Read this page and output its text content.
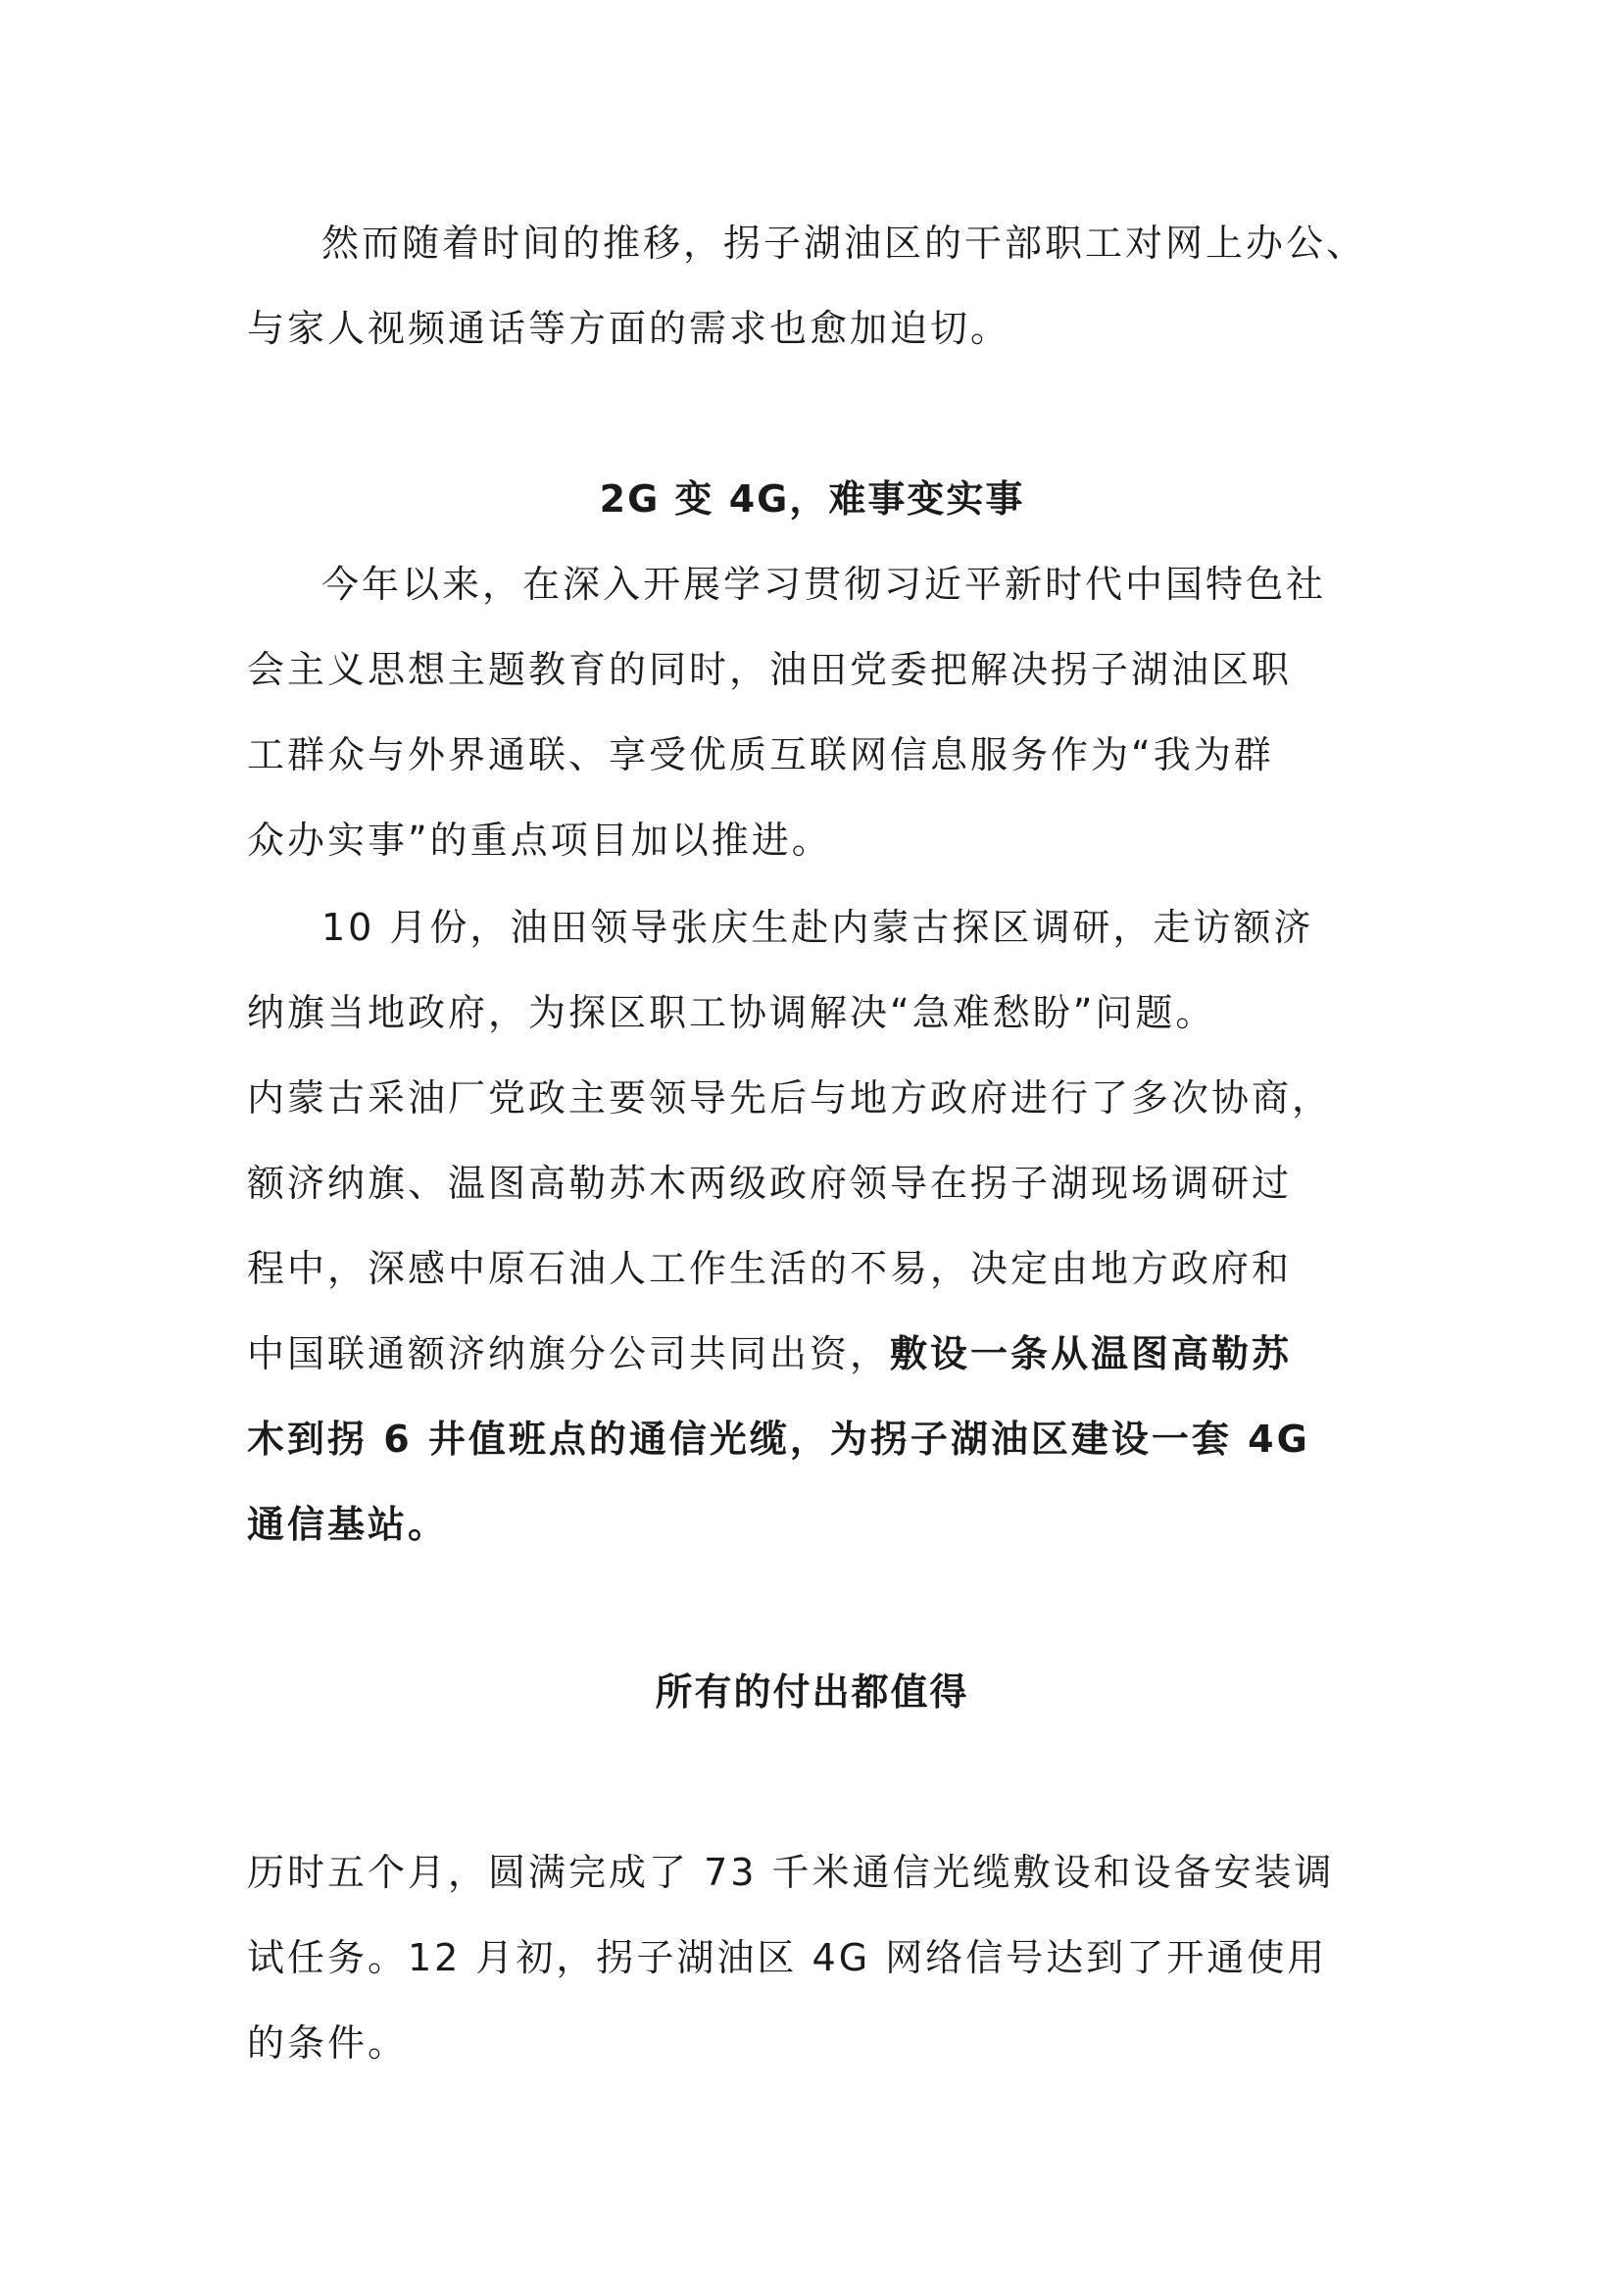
然而随着时间的推移，拐子湖油区的干部职工对网上办公、
与家人视频通话等方面的需求也愈加迫切。

2G 变 4G，难事变实事

今年以来，在深入开展学习贯彻习近平新时代中国特色社
会主义思想主题教育的同时，油田党委把解决拐子湖油区职
工群众与外界通联、享受优质互联网信息服务作为“我为群
众办实事”的重点项目加以推进。

10 月份，油田领导张庆生赴内蒙古探区调研，走访额济
纳旗当地政府，为探区职工协调解决“急难愁盼”问题。

内蒙古采油厂党政主要领导先后与地方政府进行了多次协商，
额济纳旗、温图高勒苏木两级政府领导在拐子湖现场调研过
程中，深感中原石油人工作生活的不易，决定由地方政府和
中国联通额济纳旗分公司共同出资，敷设一条从温图高勒苏
木到拐 6 井值班点的通信光缆，为拐子湖油区建设一套 4G
通信基站。

所有的付出都值得

历时五个月，圆满完成了 73 千米通信光缆敷设和设备安装调
试任务。12 月初，拐子湖油区 4G 网络信号达到了开通使用
的条件。
